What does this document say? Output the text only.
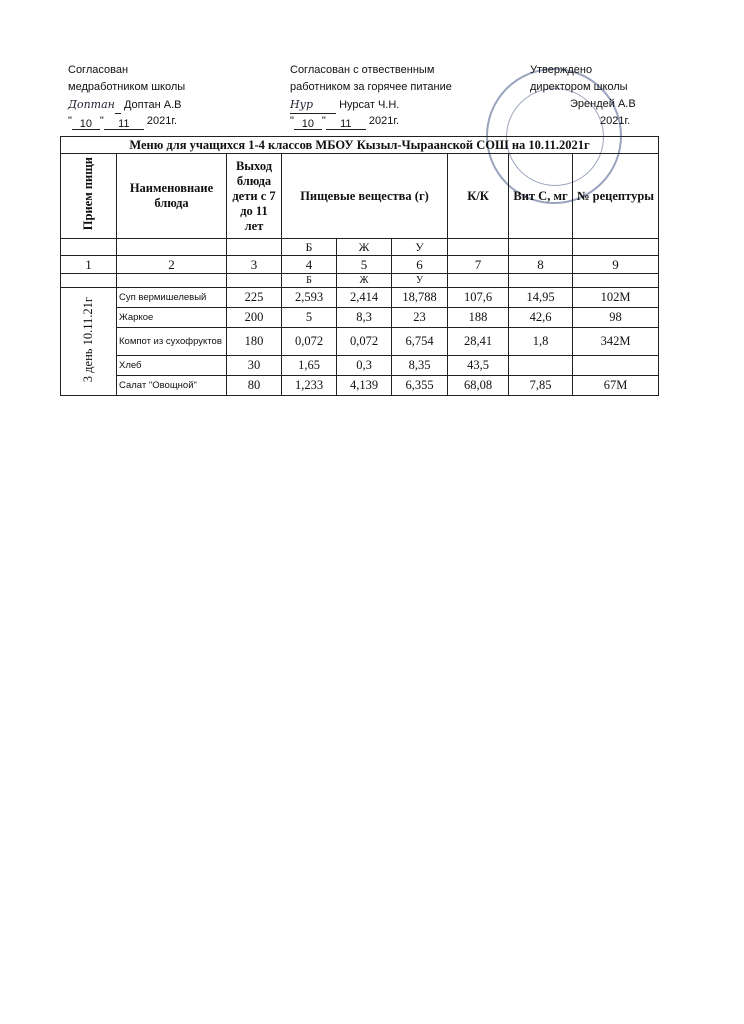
Согласован
медработником школы
Доптан Доптан А.В
" 10 " 11 2021г.
Согласован с отвественным
работником за горячее питание
Нур Нурсат Ч.Н.
" 10 " 11 2021г.
Утверждено
директором школы
Эрендей А.В
2021г.
Меню для учащихся 1-4 классов МБОУ Кызыл-Чыраанской СОШ на 10.11.2021г								
Прием пищи	Наименовнаие блюда	Выход блюда дети с 7 до 11 лет	Пищевые вещества (г)			К/К	Вит С, мг	№ рецептуры
			Б	Ж	У			
1	2	3	4	5	6	7	8	9
			Б	Ж	У			
3 день 10.11.21г	Суп вермишелевый	225	2,593	2,414	18,788	107,6	14,95	102М
	Жаркое	200	5	8,3	23	188	42,6	98
	Компот из сухофруктов	180	0,072	0,072	6,754	28,41	1,8	342М
	Хлеб	30	1,65	0,3	8,35	43,5		
	Салат "Овощной"	80	1,233	4,139	6,355	68,08	7,85	67М
